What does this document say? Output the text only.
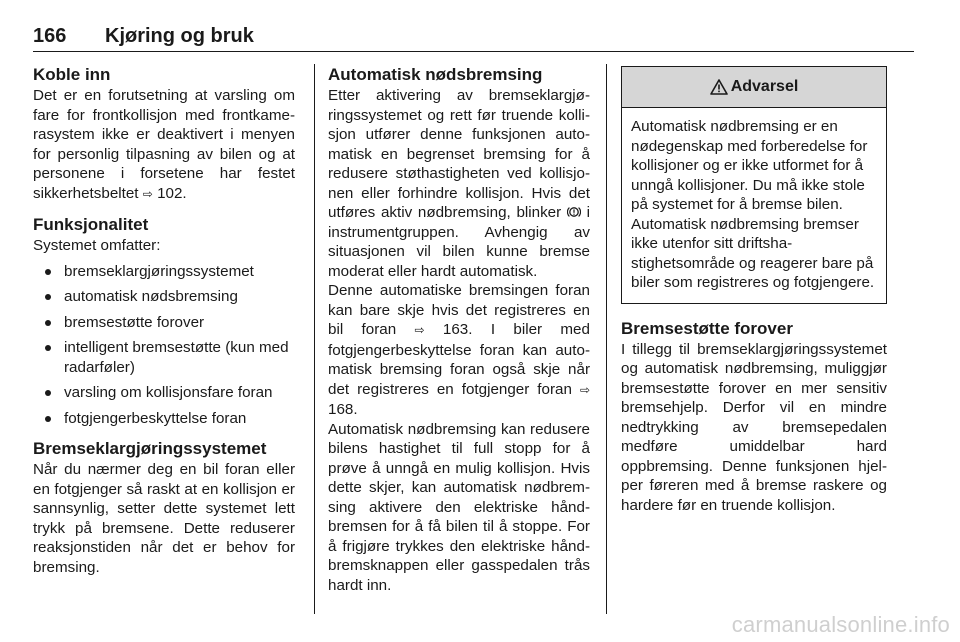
166	Kjøring og bruk
Koble inn

Det er en forutsetning at varsling om fare for frontkollisjon med frontkamerasystem ikke er deaktivert i menyen for personlig tilpasning av bilen og at personene i forsetene har festet sikkerhetsbeltet ⇨ 102.

Funksjonalitet

Systemet omfatter:

bremseklargjøringssystemet
automatisk nødsbremsing
bremsestøtte forover
intelligent bremsestøtte (kun med radarføler)
varsling om kollisjonsfare foran
fotgjengerbeskyttelse foran
Bremseklargjøringssystemet

Når du nærmer deg en bil foran eller en fotgjenger så raskt at en kollisjon er sannsynlig, setter dette systemet lett trykk på bremsene. Dette reduserer reaksjonstiden når det er behov for bremsing.

Automatisk nødsbremsing

Etter aktivering av bremseklargjøringssystemet og rett før truende kollisjon utfører denne funksjonen automatisk en begrenset bremsing for å redusere støthastigheten ved kollisjonen eller forhindre kollisjon. Hvis det utføres aktiv nødbremsing, blinker i instrumentgruppen. Avhengig av situasjonen vil bilen kunne bremse moderat eller hardt automatisk.

Denne automatiske bremsingen foran kan bare skje hvis det registreres en bil foran ⇨ 163. I biler med fotgjengerbeskyttelse foran kan automatisk bremsing foran også skje når det registreres en fotgjenger foran ⇨ 168.

Automatisk nødbremsing kan redusere bilens hastighet til full stopp for å prøve å unngå en mulig kollisjon. Hvis dette skjer, kan automatisk nødbremsing aktivere den elektriske håndbremsen for å få bilen til å stoppe. For å frigjøre trykkes den elektriske håndbremsknappen eller gasspedalen trås hardt inn.

Advarsel

Automatisk nødbremsing er en nødegenskap med forberedelse for kollisjoner og er ikke utformet for å unngå kollisjoner. Du må ikke stole på systemet for å bremse bilen. Automatisk nødbremsing bremser ikke utenfor sitt driftshastighetsområde og reagerer bare på biler som registreres og fotgjengere.

Bremsestøtte forover

I tillegg til bremseklargjøringssystemet og automatisk nødbremsing, muliggjør bremsestøtte forover en mer sensitiv bremsehjelp. Derfor vil en mindre nedtrykking av bremsepedalen medføre umiddelbar hard oppbremsing. Denne funksjonen hjelper føreren med å bremse raskere og hardere før en truende kollisjon.

carmanualsonline.info
